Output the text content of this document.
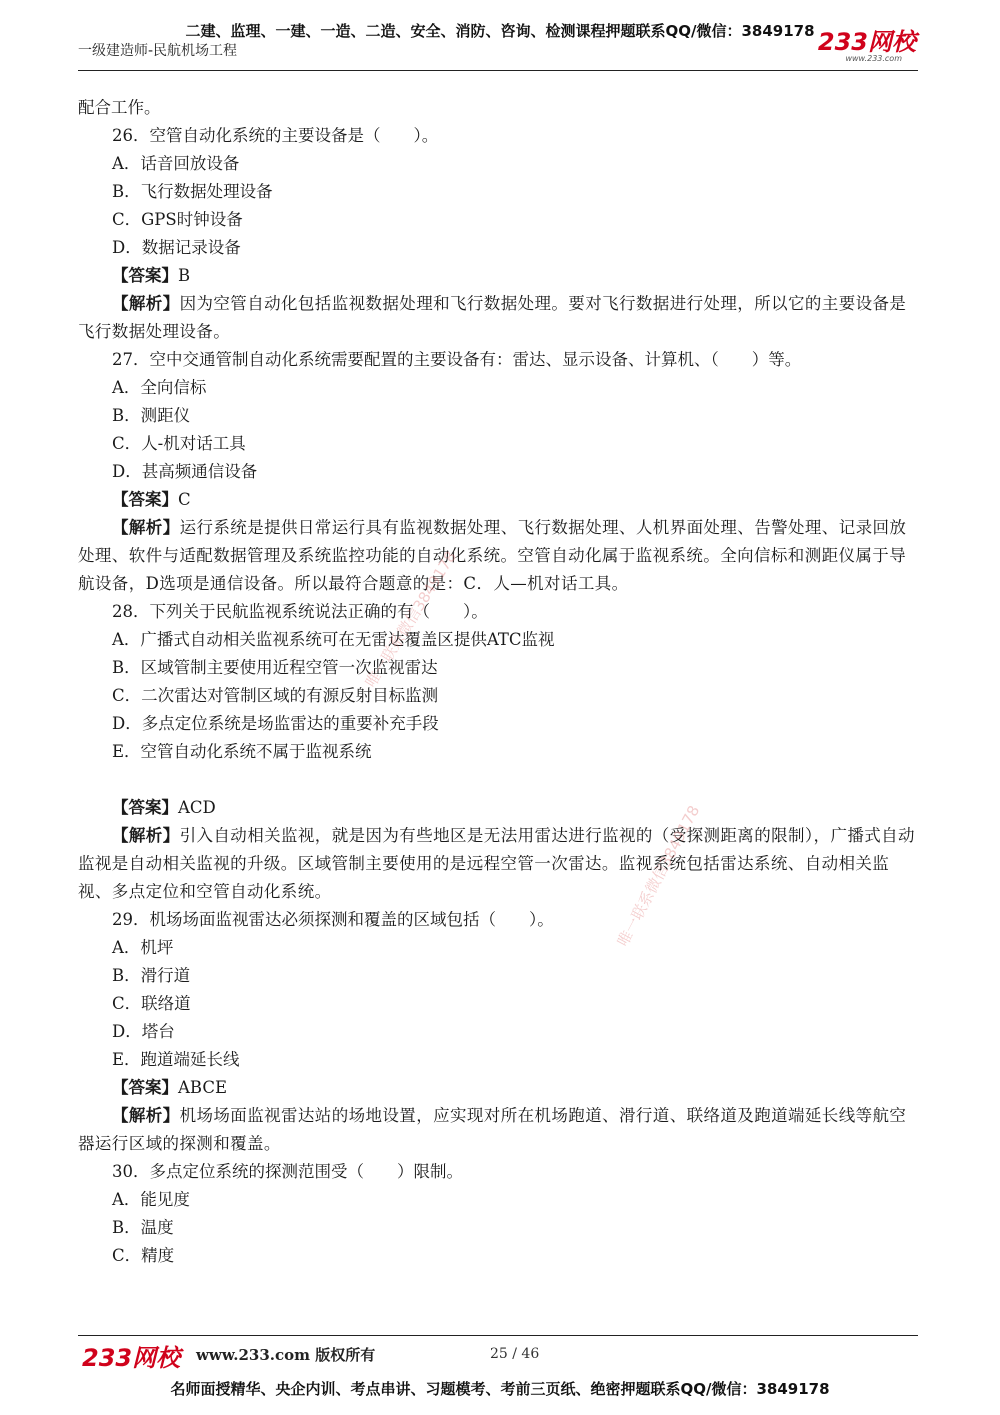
二建、监理、一建、一造、二造、安全、消防、咨询、检测课程押题联系QQ/微信：3849178
一级建造师-民航机场工程	233网校
www.233.com
配合工作。
26．空管自动化系统的主要设备是（　　）。
A．话音回放设备
B．飞行数据处理设备
C．GPS时钟设备
D．数据记录设备
【答案】B
【解析】因为空管自动化包括监视数据处理和飞行数据处理。要对飞行数据进行处理，所以它的主要设备是飞行数据处理设备。
27．空中交通管制自动化系统需要配置的主要设备有：雷达、显示设备、计算机、（　　）等。
A．全向信标
B．测距仪
C．人-机对话工具
D．甚高频通信设备
【答案】C
【解析】运行系统是提供日常运行具有监视数据处理、飞行数据处理、人机界面处理、告警处理、记录回放处理、软件与适配数据管理及系统监控功能的自动化系统。空管自动化属于监视系统。全向信标和测距仪属于导航设备，D选项是通信设备。所以最符合题意的是：C．人—机对话工具。
28．下列关于民航监视系统说法正确的有（　　）。
A．广播式自动相关监视系统可在无雷达覆盖区提供ATC监视
B．区域管制主要使用近程空管一次监视雷达
C．二次雷达对管制区域的有源反射目标监测
D．多点定位系统是场监雷达的重要补充手段
E．空管自动化系统不属于监视系统
【答案】ACD
【解析】引入自动相关监视，就是因为有些地区是无法用雷达进行监视的（受探测距离的限制），广播式自动监视是自动相关监视的升级。区域管制主要使用的是远程空管一次雷达。监视系统包括雷达系统、自动相关监视、多点定位和空管自动化系统。
29．机场场面监视雷达必须探测和覆盖的区域包括（　　）。
A．机坪
B．滑行道
C．联络道
D．塔台
E．跑道端延长线
【答案】ABCE
【解析】机场场面监视雷达站的场地设置，应实现对所在机场跑道、滑行道、联络道及跑道端延长线等航空器运行区域的探测和覆盖。
30．多点定位系统的探测范围受（　　）限制。
A．能见度
B．温度
C．精度
唯一联系微信3849178
唯一联系微信3849178
233网校 www.233.com 版权所有	25 / 46
名师面授精华、央企内训、考点串讲、习题模考、考前三页纸、绝密押题联系QQ/微信：3849178
